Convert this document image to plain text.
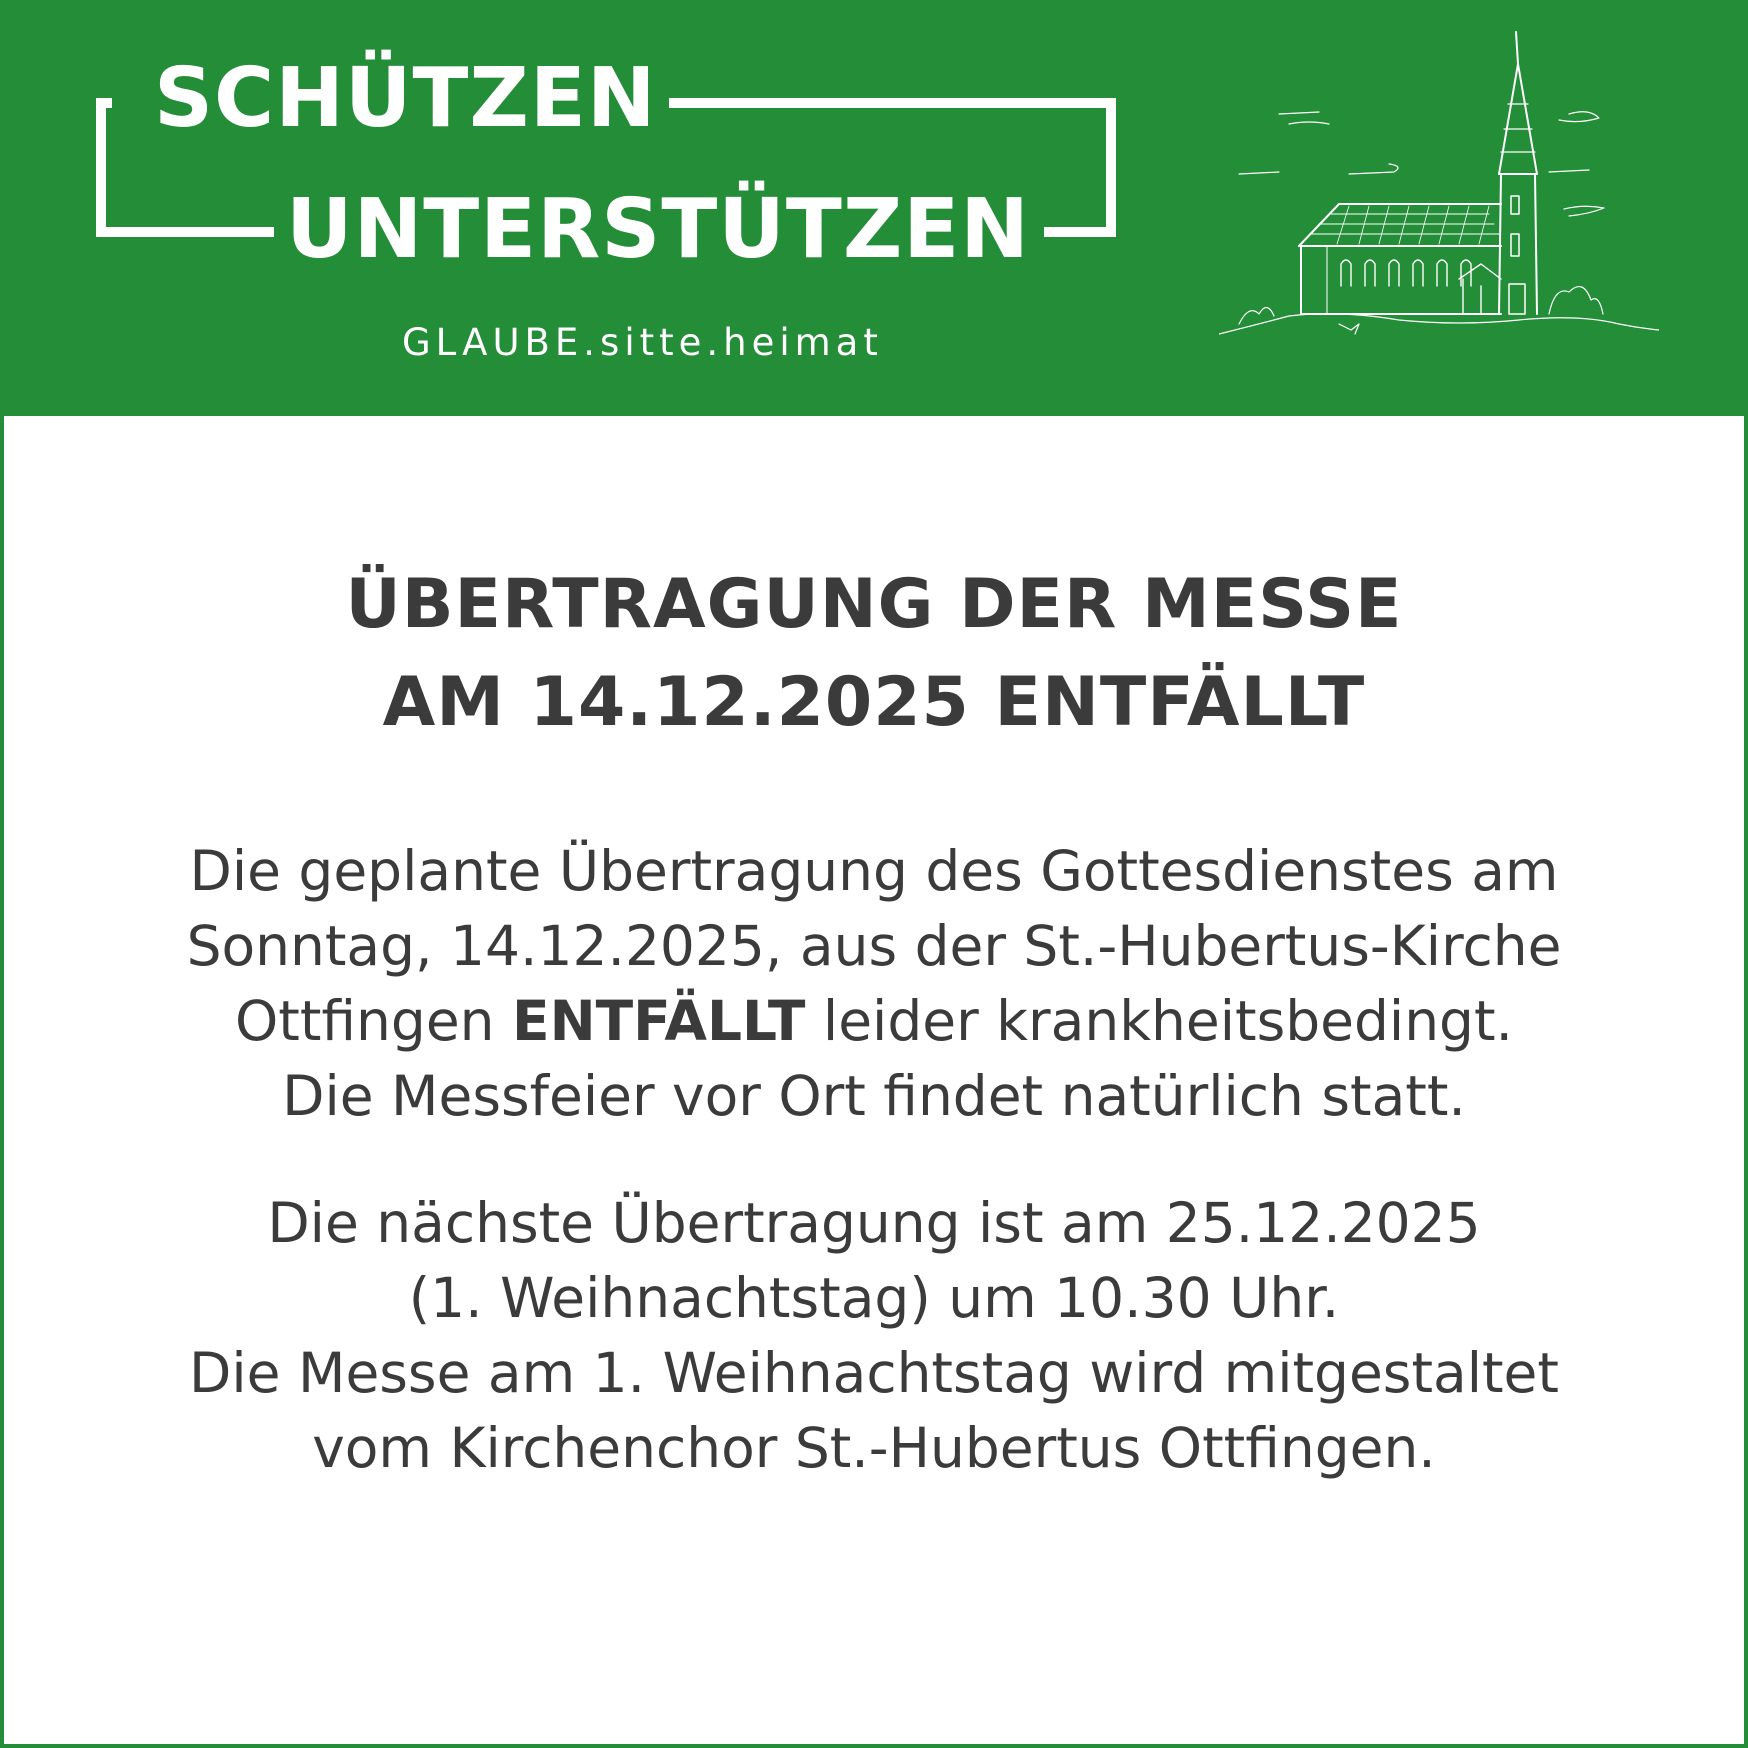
SCHÜTZEN
UNTERSTÜTZEN
GLAUBE.sitte.heimat
ÜBERTRAGUNG DER MESSE
AM 14.12.2025 ENTFÄLLT

Die geplante Übertragung des Gottesdienstes am
Sonntag, 14.12.2025, aus der St.-Hubertus-Kirche
Ottfingen ENTFÄLLT leider krankheitsbedingt.
Die Messfeier vor Ort findet natürlich statt.

Die nächste Übertragung ist am 25.12.2025
(1. Weihnachtstag) um 10.30 Uhr.
Die Messe am 1. Weihnachtstag wird mitgestaltet
vom Kirchenchor St.-Hubertus Ottfingen.
